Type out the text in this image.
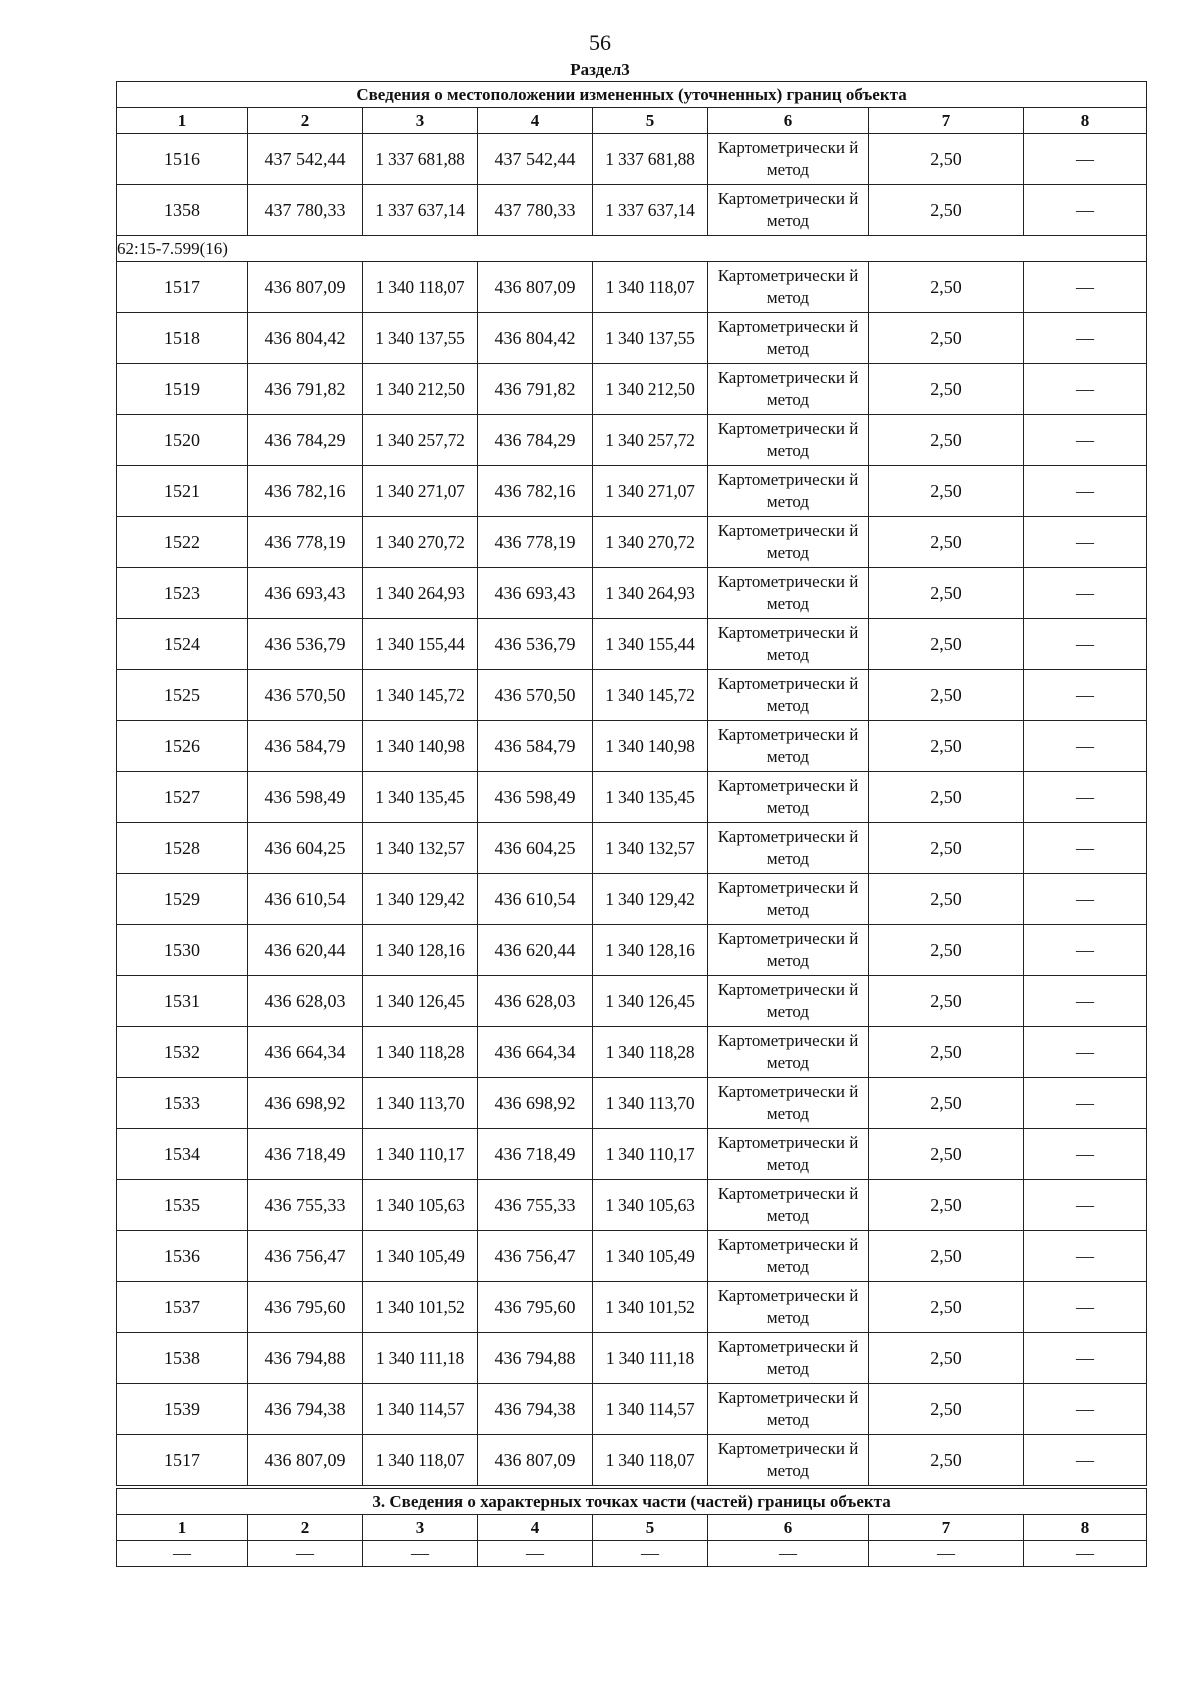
56
Раздел3
Сведения о местоположении измененных (уточненных) границ объекта							
1	2	3	4	5	6	7	8
1516	437 542,44	1 337 681,88	437 542,44	1 337 681,88	Картометрически й метод	2,50	—
1358	437 780,33	1 337 637,14	437 780,33	1 337 637,14	Картометрически й метод	2,50	—
62:15-7.599(16)							
1517	436 807,09	1 340 118,07	436 807,09	1 340 118,07	Картометрически й метод	2,50	—
1518	436 804,42	1 340 137,55	436 804,42	1 340 137,55	Картометрически й метод	2,50	—
1519	436 791,82	1 340 212,50	436 791,82	1 340 212,50	Картометрически й метод	2,50	—
1520	436 784,29	1 340 257,72	436 784,29	1 340 257,72	Картометрически й метод	2,50	—
1521	436 782,16	1 340 271,07	436 782,16	1 340 271,07	Картометрически й метод	2,50	—
1522	436 778,19	1 340 270,72	436 778,19	1 340 270,72	Картометрически й метод	2,50	—
1523	436 693,43	1 340 264,93	436 693,43	1 340 264,93	Картометрически й метод	2,50	—
1524	436 536,79	1 340 155,44	436 536,79	1 340 155,44	Картометрически й метод	2,50	—
1525	436 570,50	1 340 145,72	436 570,50	1 340 145,72	Картометрически й метод	2,50	—
1526	436 584,79	1 340 140,98	436 584,79	1 340 140,98	Картометрически й метод	2,50	—
1527	436 598,49	1 340 135,45	436 598,49	1 340 135,45	Картометрически й метод	2,50	—
1528	436 604,25	1 340 132,57	436 604,25	1 340 132,57	Картометрически й метод	2,50	—
1529	436 610,54	1 340 129,42	436 610,54	1 340 129,42	Картометрически й метод	2,50	—
1530	436 620,44	1 340 128,16	436 620,44	1 340 128,16	Картометрически й метод	2,50	—
1531	436 628,03	1 340 126,45	436 628,03	1 340 126,45	Картометрически й метод	2,50	—
1532	436 664,34	1 340 118,28	436 664,34	1 340 118,28	Картометрически й метод	2,50	—
1533	436 698,92	1 340 113,70	436 698,92	1 340 113,70	Картометрически й метод	2,50	—
1534	436 718,49	1 340 110,17	436 718,49	1 340 110,17	Картометрически й метод	2,50	—
1535	436 755,33	1 340 105,63	436 755,33	1 340 105,63	Картометрически й метод	2,50	—
1536	436 756,47	1 340 105,49	436 756,47	1 340 105,49	Картометрически й метод	2,50	—
1537	436 795,60	1 340 101,52	436 795,60	1 340 101,52	Картометрически й метод	2,50	—
1538	436 794,88	1 340 111,18	436 794,88	1 340 111,18	Картометрически й метод	2,50	—
1539	436 794,38	1 340 114,57	436 794,38	1 340 114,57	Картометрически й метод	2,50	—
1517	436 807,09	1 340 118,07	436 807,09	1 340 118,07	Картометрически й метод	2,50	—
3. Сведения о характерных точках части (частей) границы объекта							
1	2	3	4	5	6	7	8
—	—	—	—	—	—	—	—
